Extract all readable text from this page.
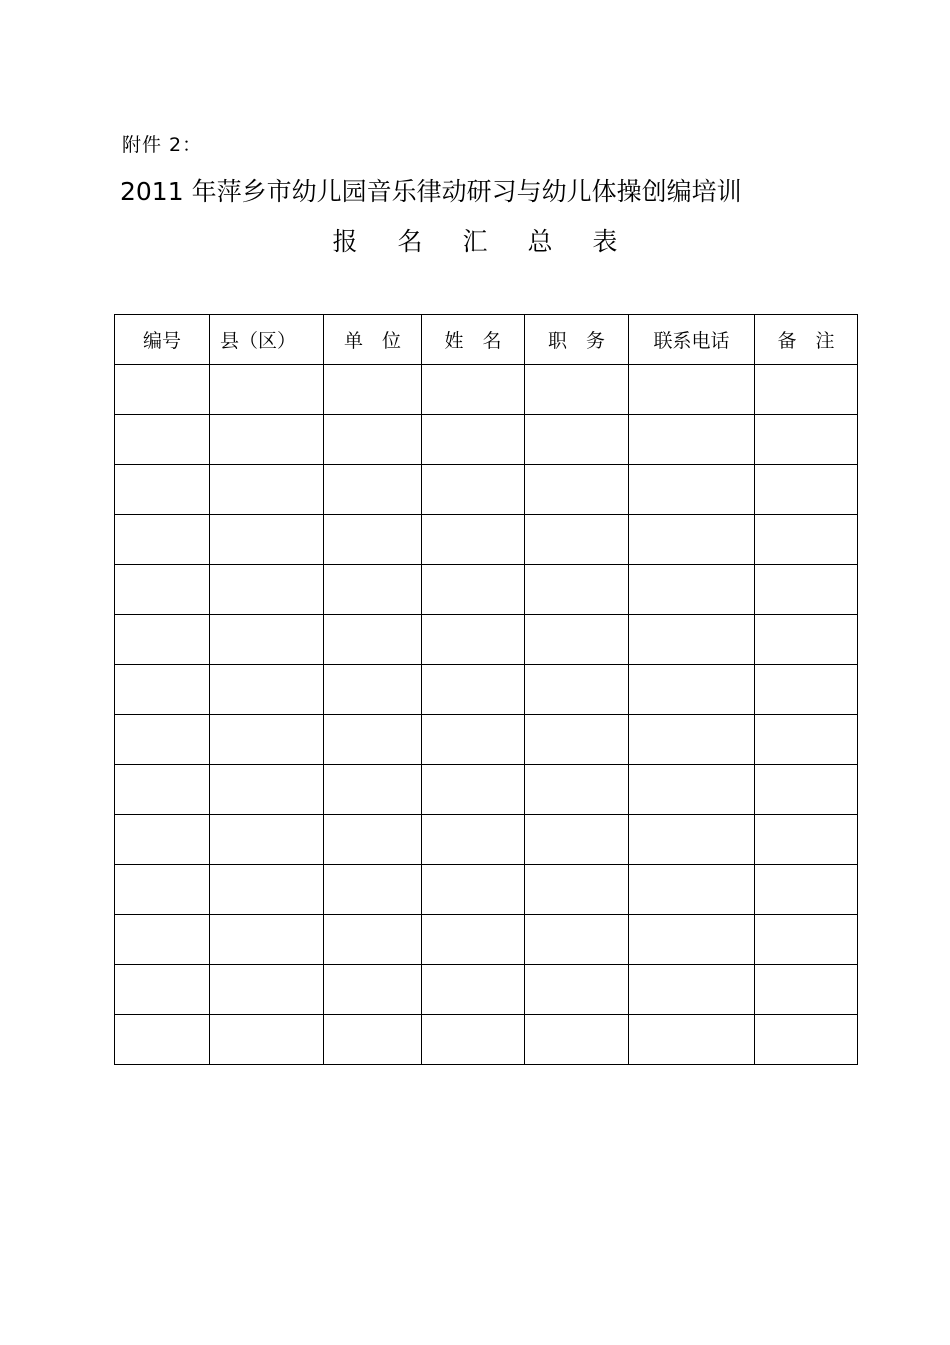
附件 2：
2011 年萍乡市幼儿园音乐律动研习与幼儿体操创编培训
报 名 汇 总 表
编号	县（区）	单　位	姓　名	职　务	联系电话	备　注
